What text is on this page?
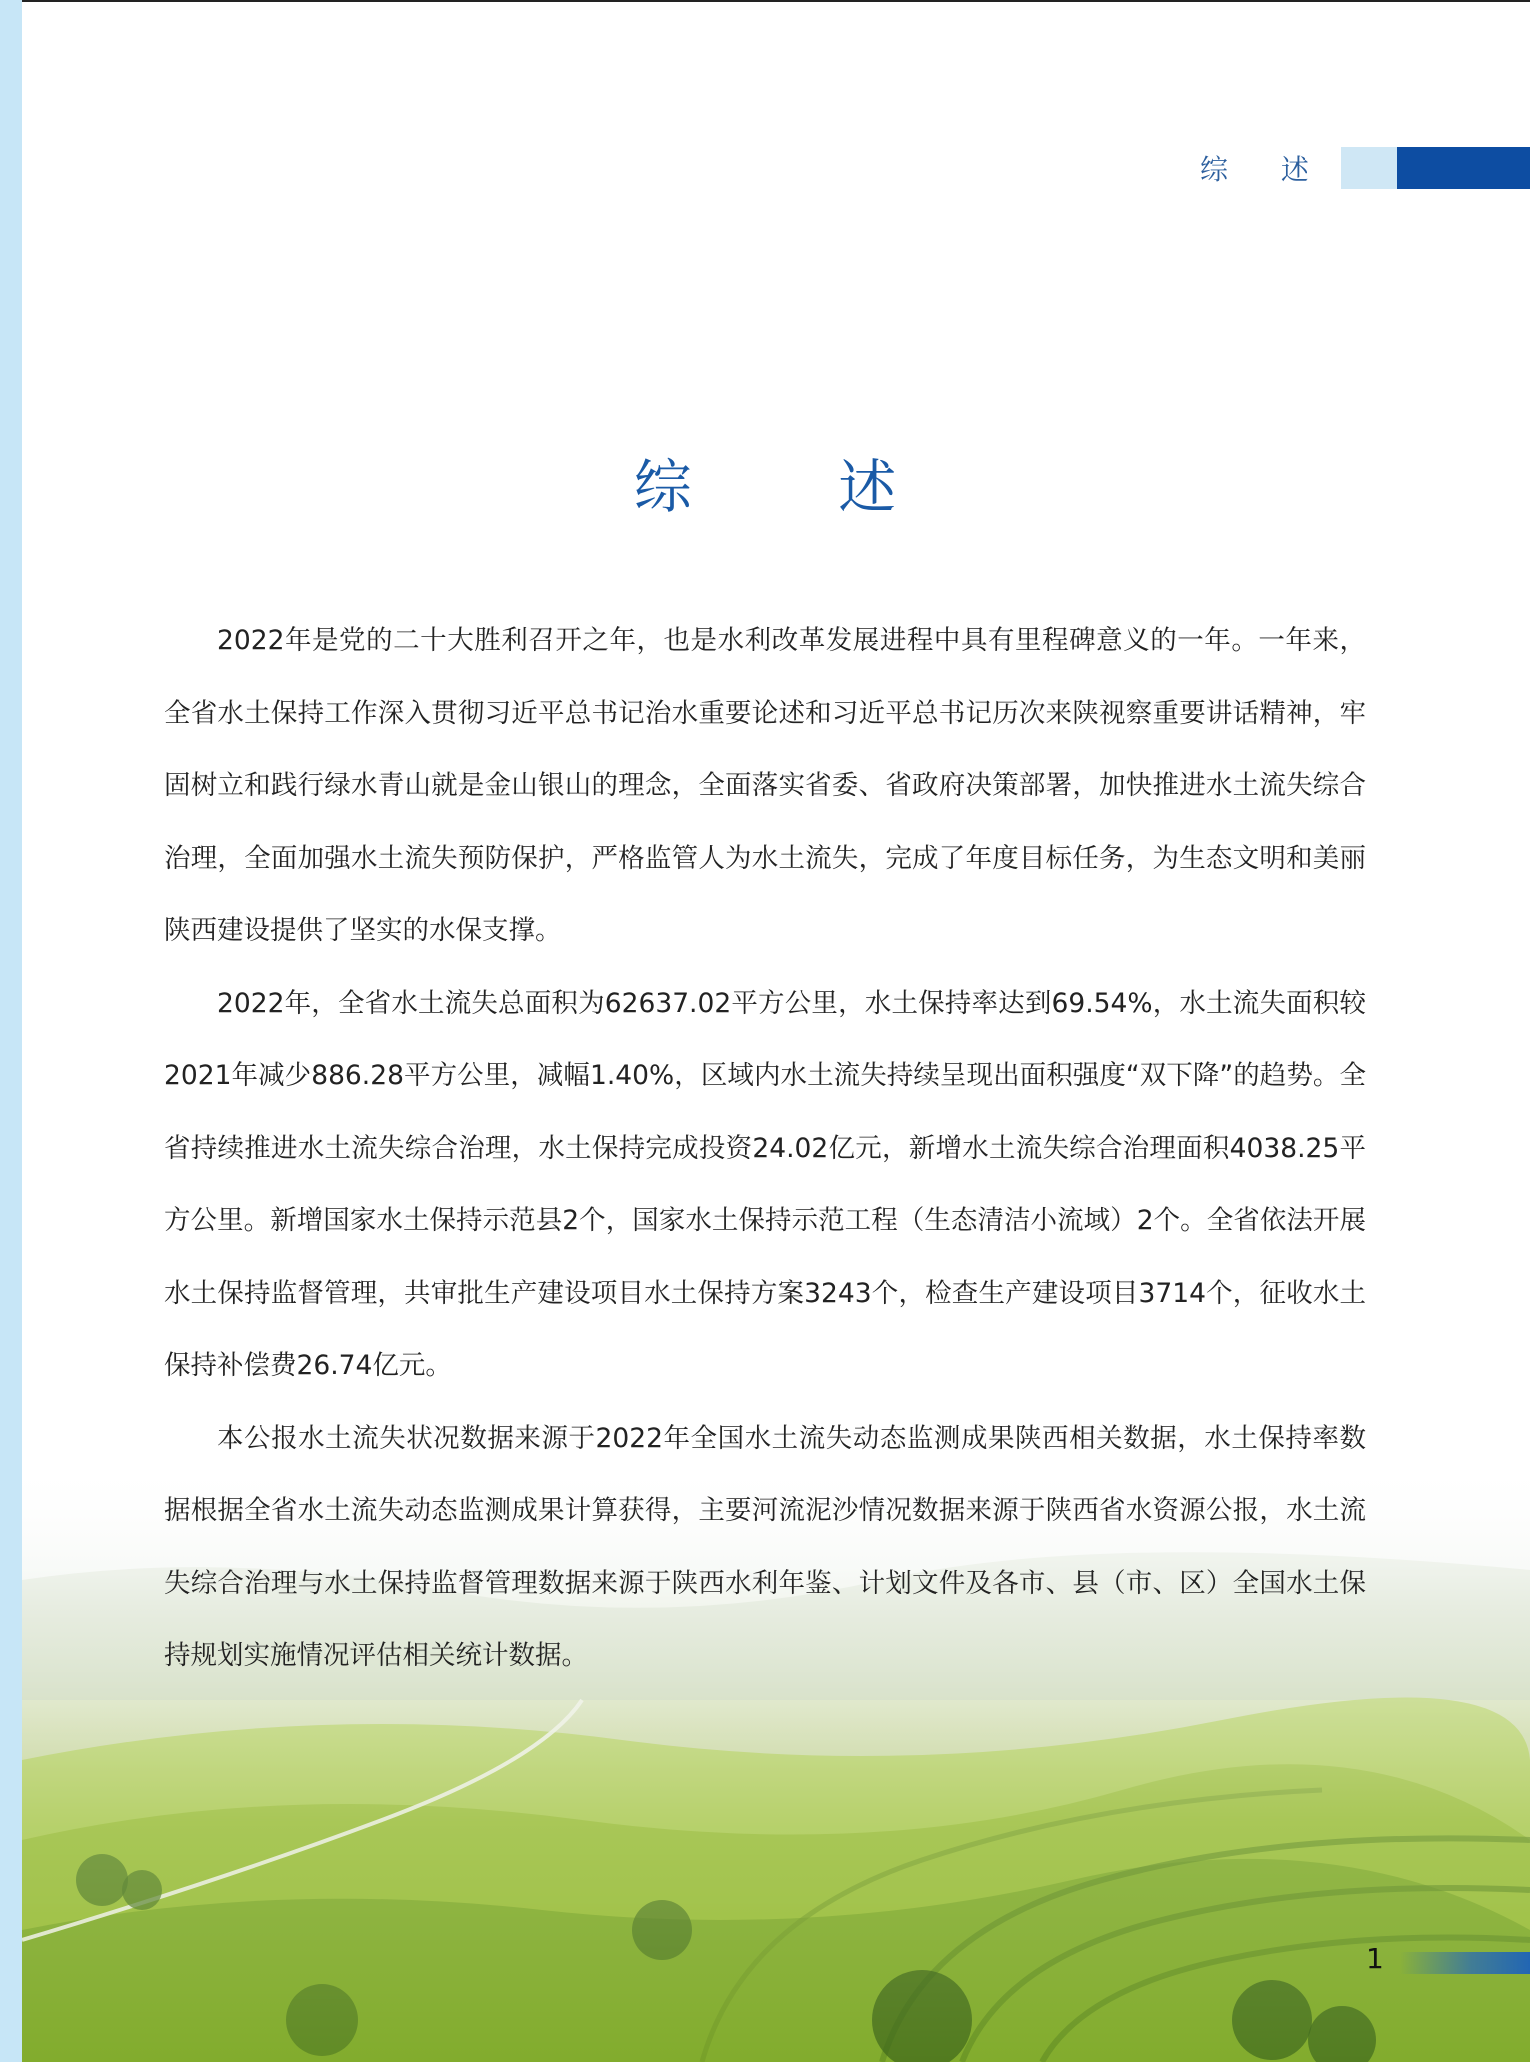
综 述
综 述

2022年是党的二十大胜利召开之年，也是水利改革发展进程中具有里程碑意义的一年。一年来，全省水土保持工作深入贯彻习近平总书记治水重要论述和习近平总书记历次来陕视察重要讲话精神，牢固树立和践行绿水青山就是金山银山的理念，全面落实省委、省政府决策部署，加快推进水土流失综合治理，全面加强水土流失预防保护，严格监管人为水土流失，完成了年度目标任务，为生态文明和美丽陕西建设提供了坚实的水保支撑。

2022年，全省水土流失总面积为62637.02平方公里，水土保持率达到69.54%，水土流失面积较2021年减少886.28平方公里，减幅1.40%，区域内水土流失持续呈现出面积强度“双下降”的趋势。全省持续推进水土流失综合治理，水土保持完成投资24.02亿元，新增水土流失综合治理面积4038.25平方公里。新增国家水土保持示范县2个，国家水土保持示范工程（生态清洁小流域）2个。全省依法开展水土保持监督管理，共审批生产建设项目水土保持方案3243个，检查生产建设项目3714个，征收水土保持补偿费26.74亿元。

本公报水土流失状况数据来源于2022年全国水土流失动态监测成果陕西相关数据，水土保持率数据根据全省水土流失动态监测成果计算获得，主要河流泥沙情况数据来源于陕西省水资源公报，水土流失综合治理与水土保持监督管理数据来源于陕西水利年鉴、计划文件及各市、县（市、区）全国水土保持规划实施情况评估相关统计数据。

1
